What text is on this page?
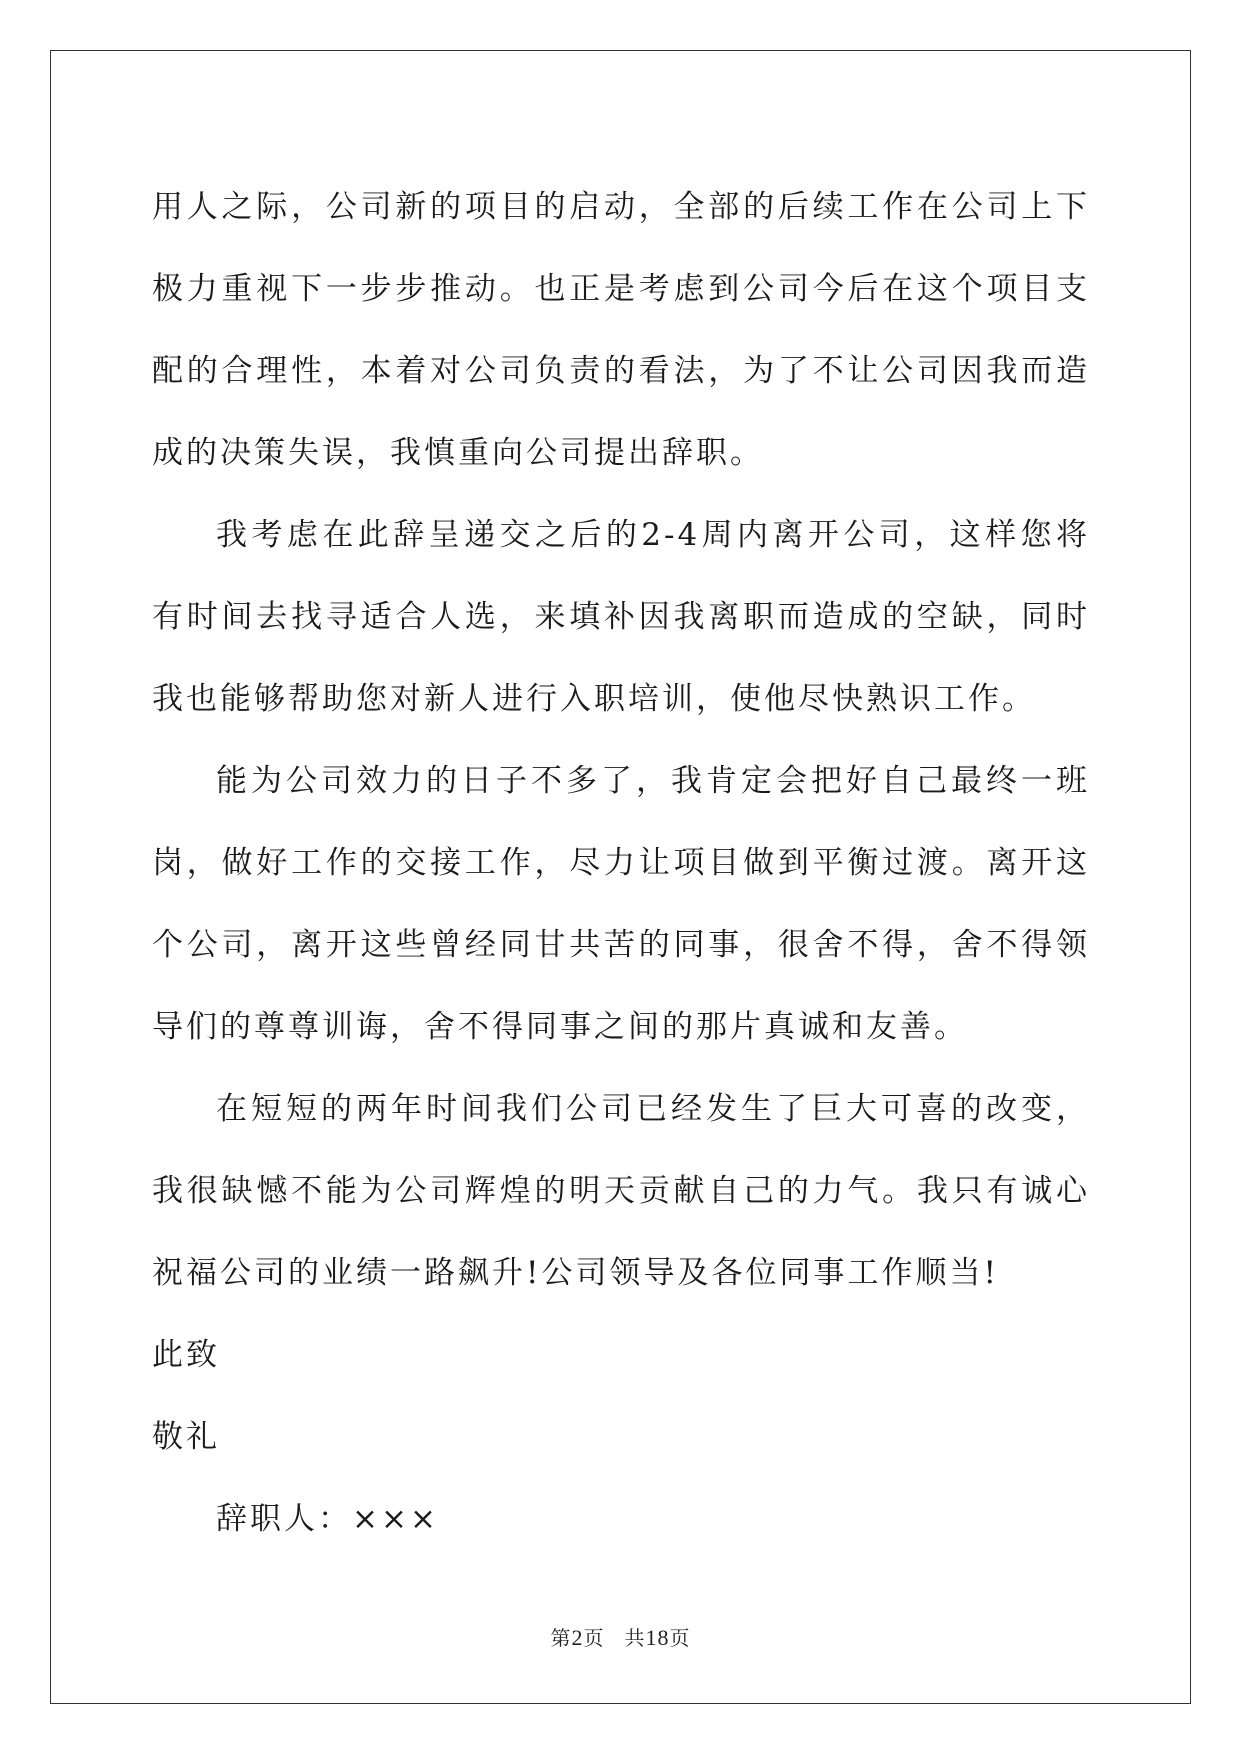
用人之际，公司新的项目的启动，全部的后续工作在公司上下极力重视下一步步推动。也正是考虑到公司今后在这个项目支配的合理性，本着对公司负责的看法，为了不让公司因我而造成的决策失误，我慎重向公司提出辞职。

我考虑在此辞呈递交之后的2-4周内离开公司，这样您将有时间去找寻适合人选，来填补因我离职而造成的空缺，同时我也能够帮助您对新人进行入职培训，使他尽快熟识工作。

能为公司效力的日子不多了，我肯定会把好自己最终一班岗，做好工作的交接工作，尽力让项目做到平衡过渡。离开这个公司，离开这些曾经同甘共苦的同事，很舍不得，舍不得领导们的尊尊训诲，舍不得同事之间的那片真诚和友善。

在短短的两年时间我们公司已经发生了巨大可喜的改变，我很缺憾不能为公司辉煌的明天贡献自己的力气。我只有诚心祝福公司的业绩一路飙升!公司领导及各位同事工作顺当!

此致

敬礼

辞职人：×××

第2页 共18页
